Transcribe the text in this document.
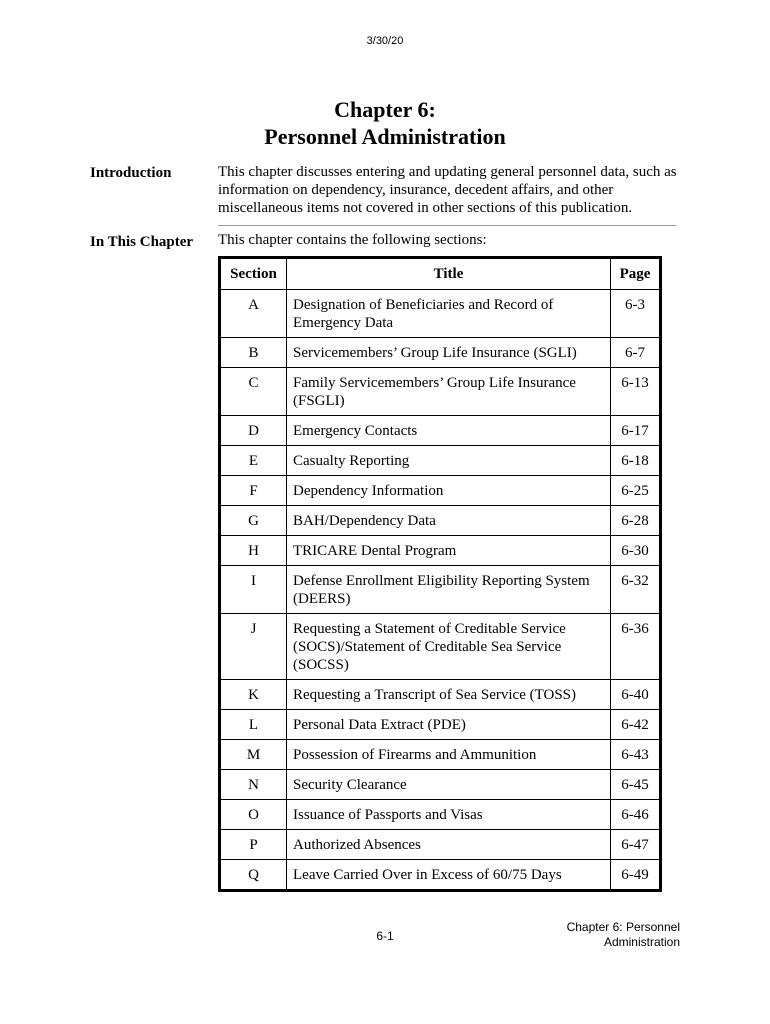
3/30/20
Chapter 6:
Personnel Administration
Introduction	This chapter discusses entering and updating general personnel data, such as information on dependency, insurance, decedent affairs, and other miscellaneous items not covered in other sections of this publication.
In This Chapter This chapter contains the following sections:
Section	Title	Page
A	Designation of Beneficiaries and Record of Emergency Data	6-3
B	Servicemembers’ Group Life Insurance (SGLI)	6-7
C	Family Servicemembers’ Group Life Insurance (FSGLI)	6-13
D	Emergency Contacts	6-17
E	Casualty Reporting	6-18
F	Dependency Information	6-25
G	BAH/Dependency Data	6-28
H	TRICARE Dental Program	6-30
I	Defense Enrollment Eligibility Reporting System (DEERS)	6-32
J	Requesting a Statement of Creditable Service (SOCS)/Statement of Creditable Sea Service (SOCSS)	6-36
K	Requesting a Transcript of Sea Service (TOSS)	6-40
L	Personal Data Extract (PDE)	6-42
M	Possession of Firearms and Ammunition	6-43
N	Security Clearance	6-45
O	Issuance of Passports and Visas	6-46
P	Authorized Absences	6-47
Q	Leave Carried Over in Excess of 60/75 Days	6-49
6-1
Chapter 6: Personnel
Administration
